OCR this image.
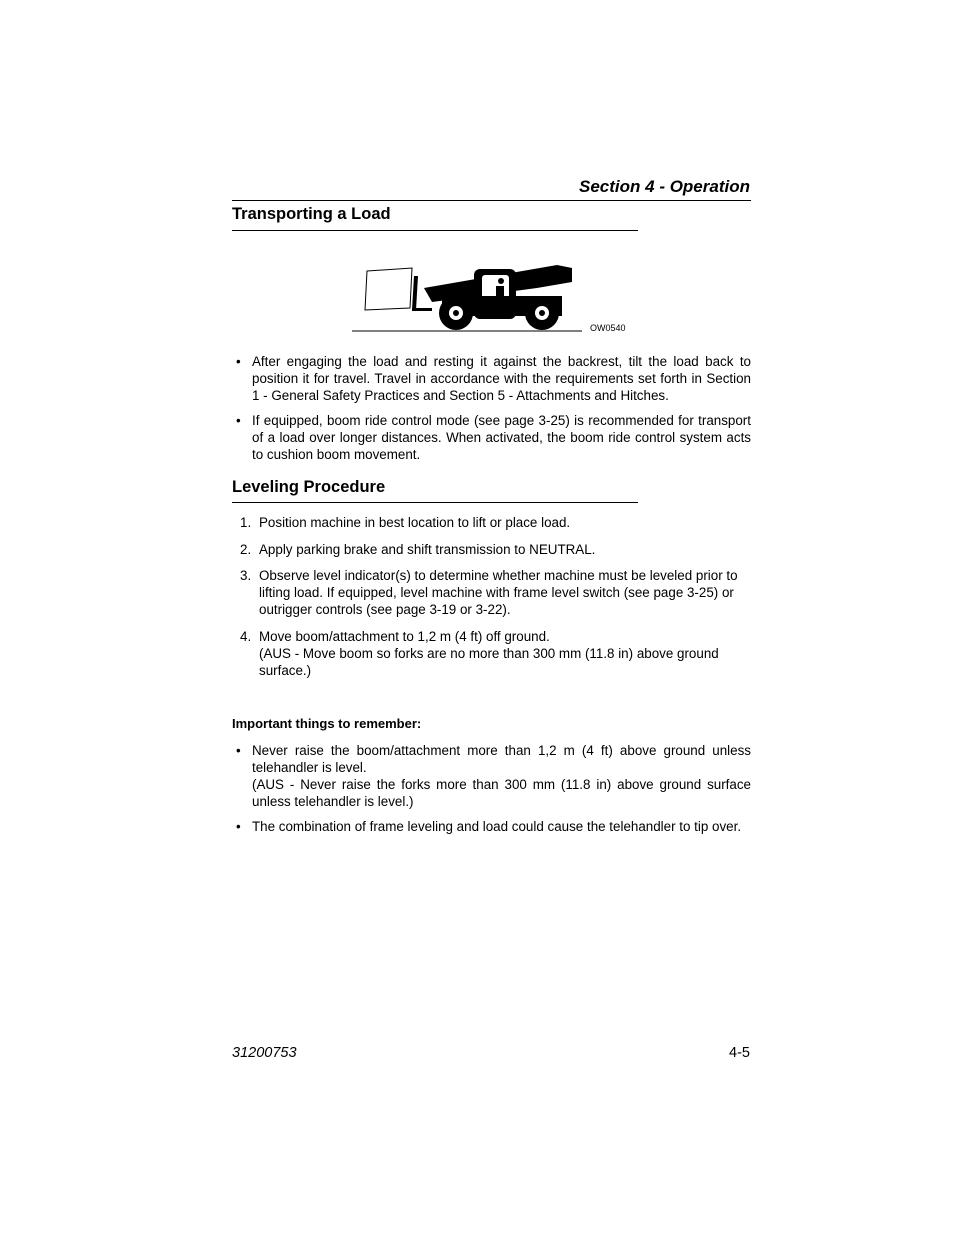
Section 4 - Operation
Transporting a Load
OW0540
• After engaging the load and resting it against the backrest, tilt the load back to position it for travel. Travel in accordance with the requirements set forth in Section 1 - General Safety Practices and Section 5 - Attachments and Hitches.
• If equipped, boom ride control mode (see page 3-25) is recommended for transport of a load over longer distances. When activated, the boom ride control system acts to cushion boom movement.
Leveling Procedure
1. Position machine in best location to lift or place load.
2. Apply parking brake and shift transmission to NEUTRAL.
3. Observe level indicator(s) to determine whether machine must be leveled prior to lifting load. If equipped, level machine with frame level switch (see page 3-25) or outrigger controls (see page 3-19 or 3-22).
4. Move boom/attachment to 1,2 m (4 ft) off ground.
(AUS - Move boom so forks are no more than 300 mm (11.8 in) above ground surface.)
Important things to remember:
• Never raise the boom/attachment more than 1,2 m (4 ft) above ground unless telehandler is level.
(AUS - Never raise the forks more than 300 mm (11.8 in) above ground surface unless telehandler is level.)
• The combination of frame leveling and load could cause the telehandler to tip over.
31200753	4-5
